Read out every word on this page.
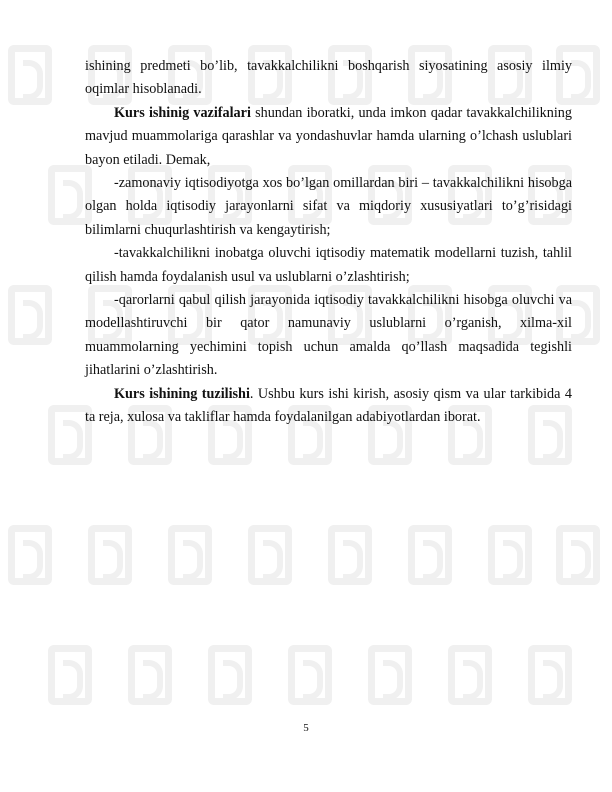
ishining predmeti bo’lib, tavakkalchilikni boshqarish siyosatining asosiy ilmiy oqimlar hisoblanadi.

Kurs ishinig vazifalari shundan iboratki, unda imkon qadar tavakkalchilikning mavjud muammolariga qarashlar va yondashuvlar hamda ularning o’lchash uslublari bayon etiladi. Demak,

-zamonaviy iqtisodiyotga xos bo’lgan omillardan biri – tavakkalchilikni hisobga olgan holda iqtisodiy jarayonlarni sifat va miqdoriy xususiyatlari to’g’risidagi bilimlarni chuqurlashtirish va kengaytirish;

-tavakkalchilikni inobatga oluvchi iqtisodiy matematik modellarni tuzish, tahlil qilish hamda foydalanish usul va uslublarni o’zlashtirish;

-qarorlarni qabul qilish jarayonida iqtisodiy tavakkalchilikni hisobga oluvchi va modellashtiruvchi bir qator namunaviy uslublarni o’rganish, xilma-xil muammolarning yechimini topish uchun amalda qo’llash maqsadida tegishli jihatlarini o’zlashtirish.

Kurs ishining tuzilishi. Ushbu kurs ishi kirish, asosiy qism va ular tarkibida 4 ta reja, xulosa va takliflar hamda foydalanilgan adabiyotlardan iborat.

5
